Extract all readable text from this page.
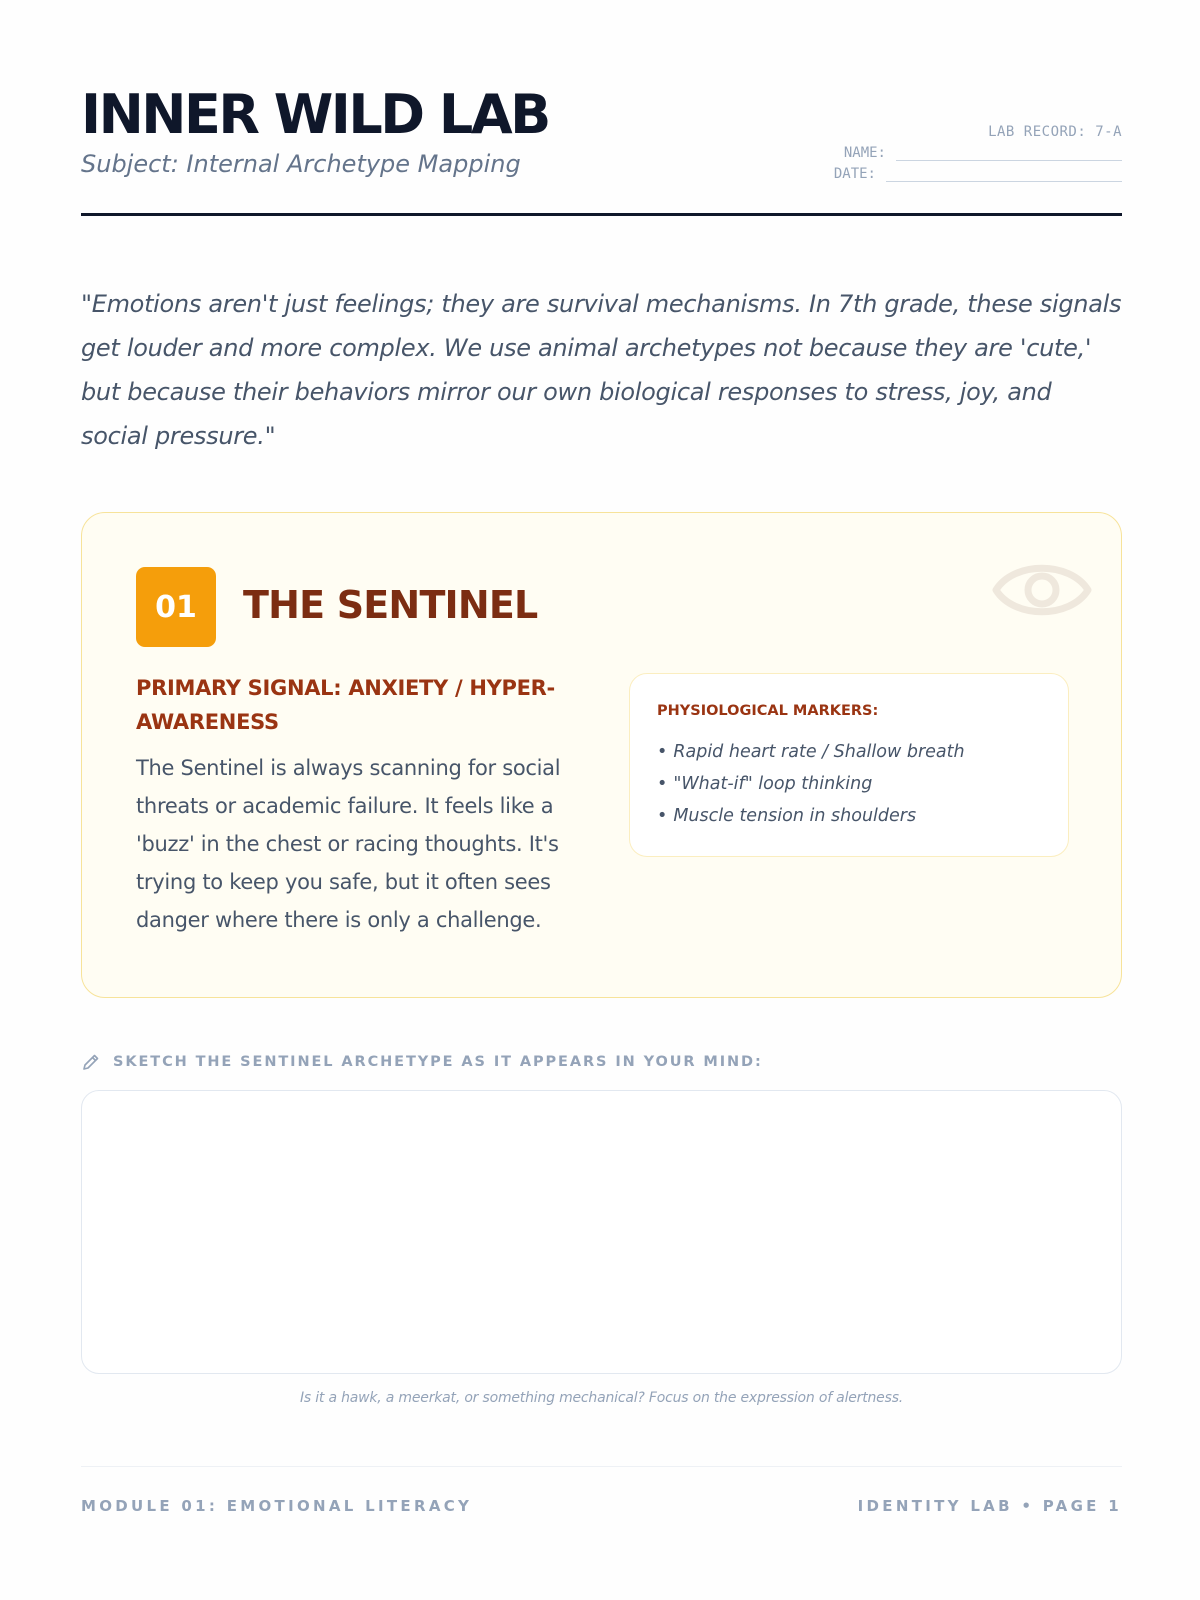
INNER WILD LAB
Subject: Internal Archetype Mapping
LAB RECORD: 7-A
NAME:
DATE:
"Emotions aren't just feelings; they are survival mechanisms. In 7th grade, these signals get louder and more complex. We use animal archetypes not because they are 'cute,' but because their behaviors mirror our own biological responses to stress, joy, and social pressure."
01	THE SENTINEL
PRIMARY SIGNAL: ANXIETY / HYPER-AWARENESS
The Sentinel is always scanning for social threats or academic failure. It feels like a 'buzz' in the chest or racing thoughts. It's trying to keep you safe, but it often sees danger where there is only a challenge.
PHYSIOLOGICAL MARKERS:
• Rapid heart rate / Shallow breath
• "What-if" loop thinking
• Muscle tension in shoulders
SKETCH THE SENTINEL ARCHETYPE AS IT APPEARS IN YOUR MIND:
Is it a hawk, a meerkat, or something mechanical? Focus on the expression of alertness.
MODULE 01: EMOTIONAL LITERACY	IDENTITY LAB • PAGE 1
